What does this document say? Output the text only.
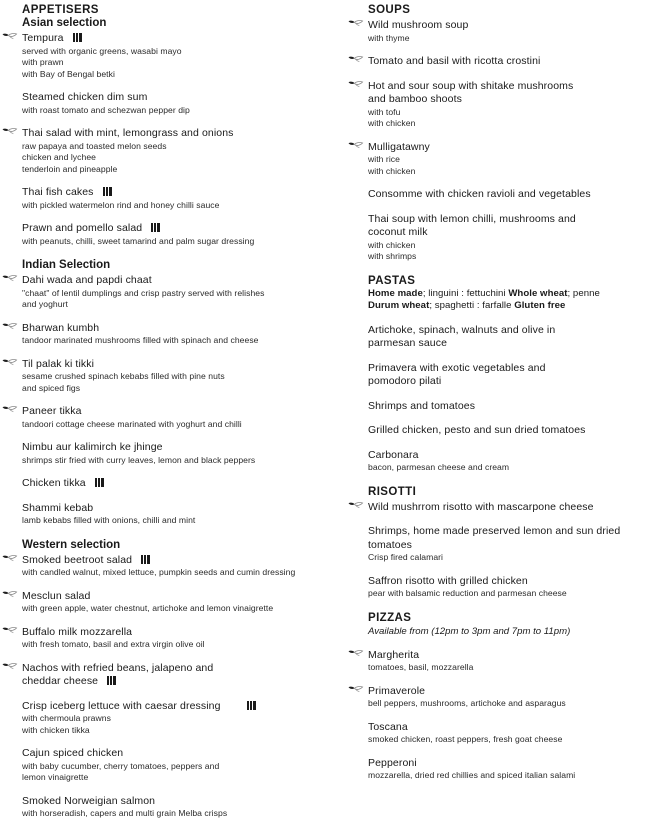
APPETISERS
Asian selection
Tempura
served with organic greens, wasabi mayo
with prawn
with Bay of Bengal betki
Steamed chicken dim sum
with roast tomato and schezwan pepper dip
Thai salad with mint, lemongrass and onions
raw papaya and toasted melon seeds
chicken and lychee
tenderloin and pineapple
Thai fish cakes
with pickled watermelon rind and honey chilli sauce
Prawn and pomello salad
with peanuts, chilli, sweet tamarind and palm sugar dressing
Indian Selection
Dahi wada and papdi chaat
"chaat" of lentil dumplings and crisp pastry served with relishes
and yoghurt
Bharwan kumbh
tandoor marinated mushrooms filled with spinach and cheese
Til palak ki tikki
sesame crushed spinach kebabs filled with pine nuts
and spiced figs
Paneer tikka
tandoori cottage cheese marinated with yoghurt and chilli
Nimbu aur kalimirch ke jhinge
shrimps stir fried with curry leaves, lemon and black peppers
Chicken tikka
Shammi kebab
lamb kebabs filled with onions, chilli and mint
Western selection
Smoked beetroot salad
with candled walnut, mixed lettuce, pumpkin seeds and cumin dressing
Mesclun salad
with green apple, water chestnut, artichoke and lemon vinaigrette
Buffalo milk mozzarella
with fresh tomato, basil and extra virgin olive oil
Nachos with refried beans, jalapeno and
cheddar cheese
Crisp iceberg lettuce with caesar dressing
with chermoula prawns
with chicken tikka
Cajun spiced chicken
with baby cucumber, cherry tomatoes, peppers and
lemon vinaigrette
Smoked Norweigian salmon
with horseradish, capers and multi grain Melba crisps
SOUPS
Wild mushroom soup
with thyme
Tomato and basil with ricotta crostini
Hot and sour soup with shitake mushrooms
and bamboo shoots
with tofu
with chicken
Mulligatawny
with rice
with chicken
Consomme with chicken ravioli and vegetables
Thai soup with lemon chilli, mushrooms and
coconut milk
with chicken
with shrimps
PASTAS
Home made; linguini : fettuchini Whole wheat; penne
Durum wheat; spaghetti : farfalle Gluten free
Artichoke, spinach, walnuts and olive in
parmesan sauce
Primavera with exotic vegetables and
pomodoro pilati
Shrimps and tomatoes
Grilled chicken, pesto and sun dried tomatoes
Carbonara
bacon, parmesan cheese and cream
RISOTTI
Wild mushrrom risotto with mascarpone cheese
Shrimps, home made preserved lemon and sun dried
tomatoes
Crisp fired calamari
Saffron risotto with grilled chicken
pear with balsamic reduction and parmesan cheese
PIZZAS
Available from (12pm to 3pm and 7pm to 11pm)
Margherita
tomatoes, basil, mozzarella
Primaverole
bell peppers, mushrooms, artichoke and asparagus
Toscana
smoked chicken, roast peppers, fresh goat cheese
Pepperoni
mozzarella, dried red chillies and spiced italian salami
